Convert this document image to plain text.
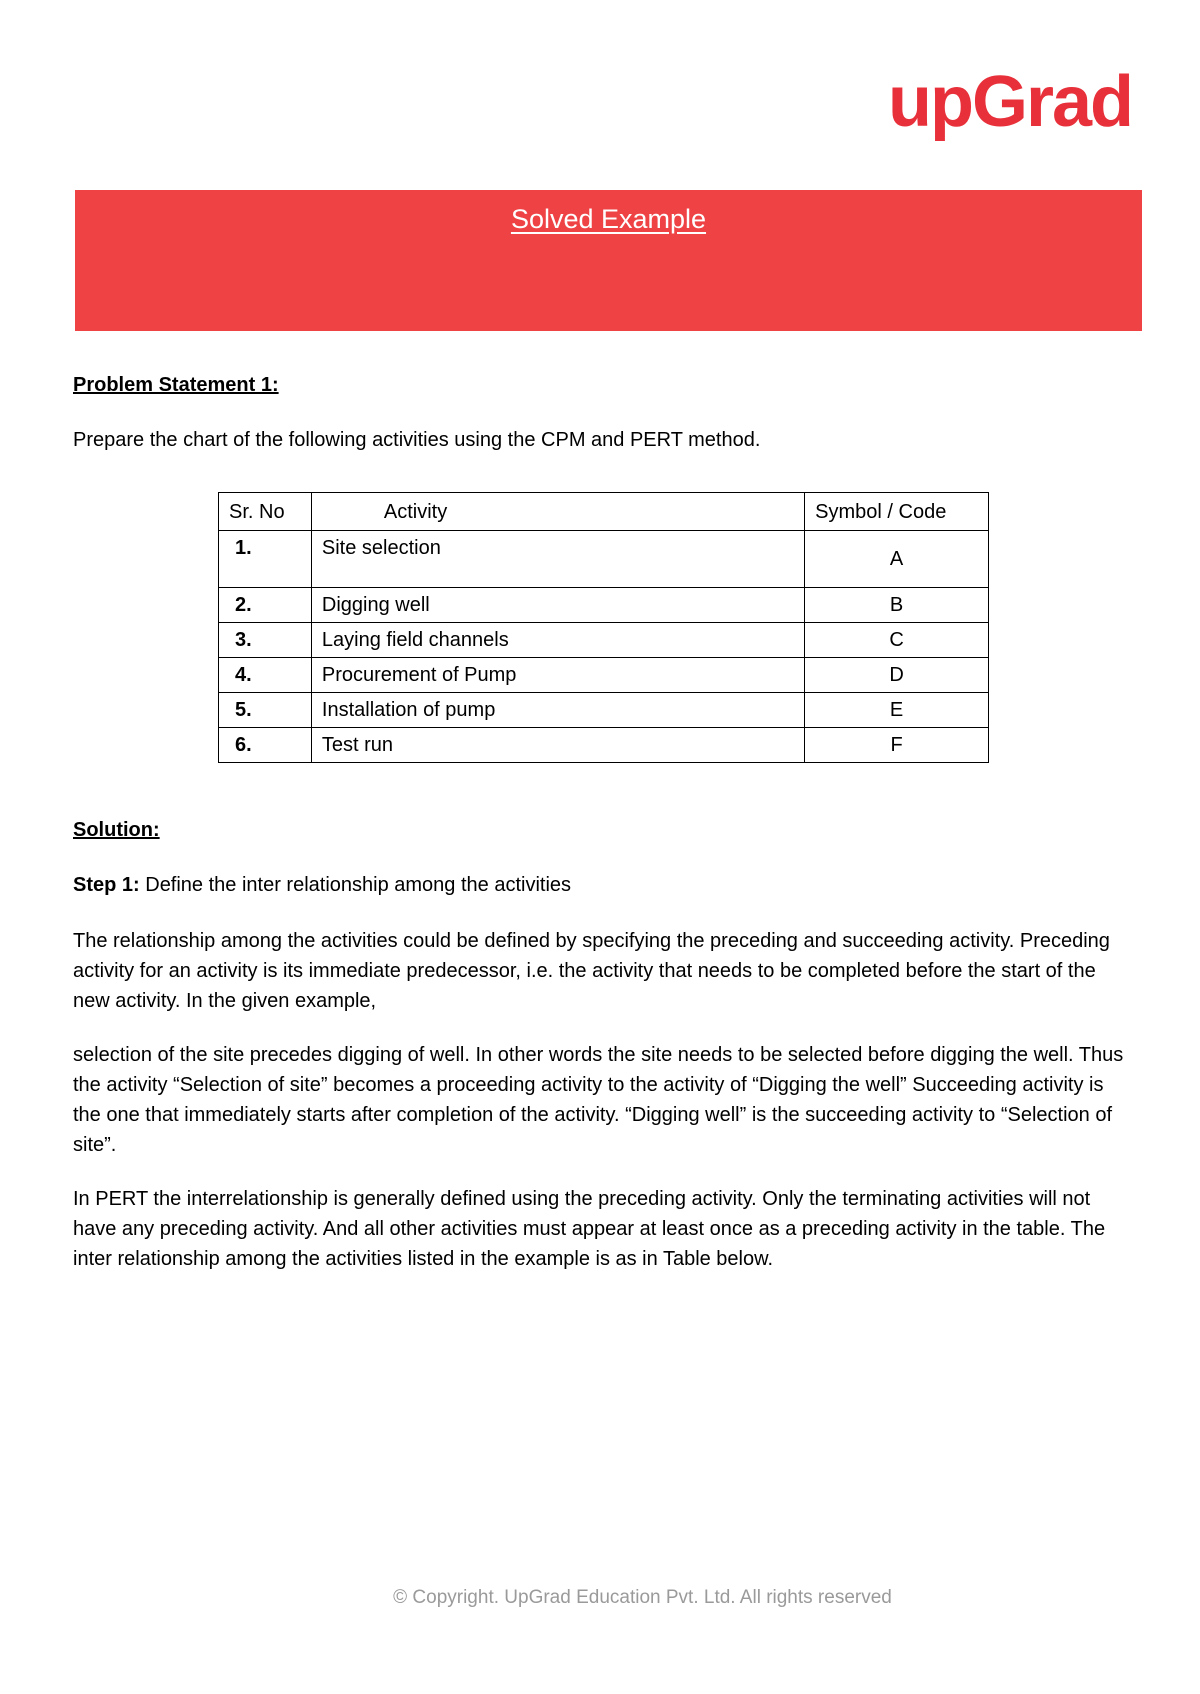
upGrad
Solved Example
Problem Statement 1:
Prepare the chart of the following activities using the CPM and PERT method.
Sr. No	Activity	Symbol / Code
1.	Site selection	A
2.	Digging well	B
3.	Laying field channels	C
4.	Procurement of Pump	D
5.	Installation of pump	E
6.	Test run	F
Solution:
Step 1: Define the inter relationship among the activities

The relationship among the activities could be defined by specifying the preceding and succeeding activity. Preceding activity for an activity is its immediate predecessor, i.e. the activity that needs to be completed before the start of the new activity. In the given example,

selection of the site precedes digging of well. In other words the site needs to be selected before digging the well. Thus the activity “Selection of site” becomes a proceeding activity to the activity of “Digging the well” Succeeding activity is the one that immediately starts after completion of the activity. “Digging well” is the succeeding activity to “Selection of site”.

In PERT the interrelationship is generally defined using the preceding activity. Only the terminating activities will not have any preceding activity. And all other activities must appear at least once as a preceding activity in the table. The inter relationship among the activities listed in the example is as in Table below.

© Copyright. UpGrad Education Pvt. Ltd. All rights reserved
